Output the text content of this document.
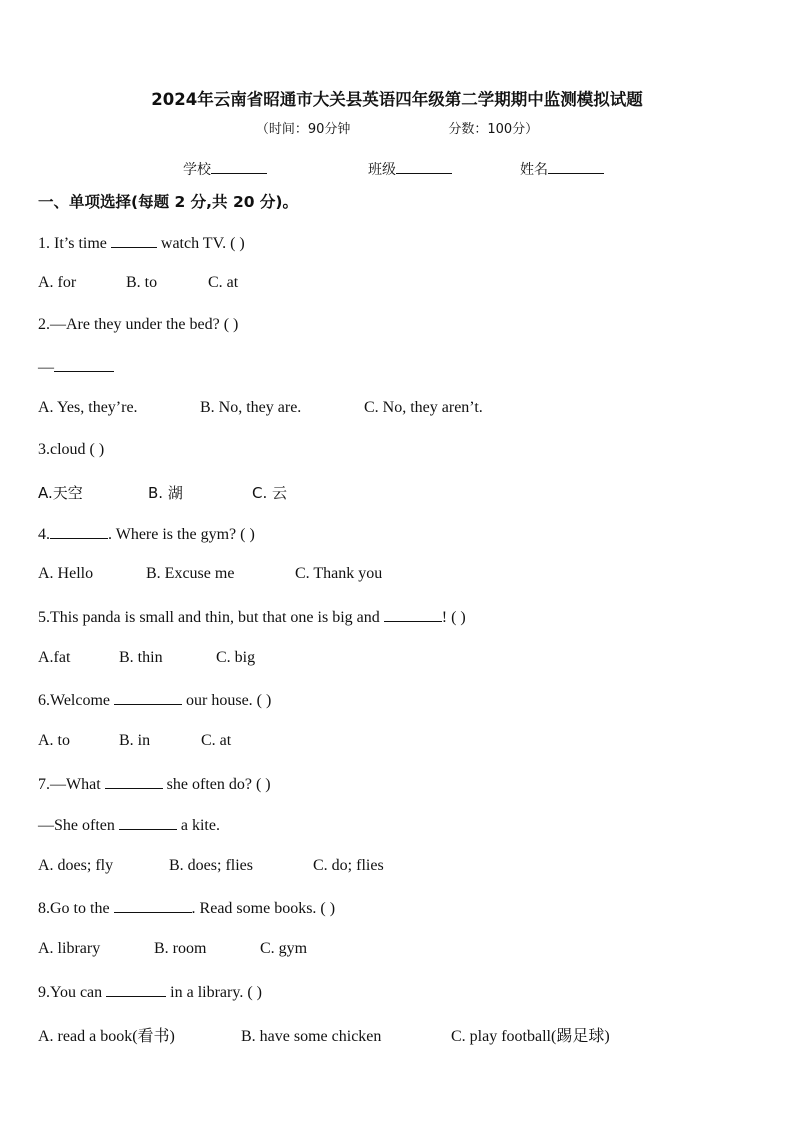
2024年云南省昭通市大关县英语四年级第二学期期中监测模拟试题
（时间：90分钟	分数：100分）
学校	班级	姓名
一、单项选择(每题 2 分,共 20 分)。
1. It’s time	watch TV. ( )
A. for	B. to	C. at
2.—Are they under the bed? ( )
—
A. Yes, they’re.	B. No, they are.	C. No, they aren’t.
3.cloud ( )
A.天空	B. 湖	C. 云
4.	. Where is the gym? ( )
A. Hello	B. Excuse me	C. Thank you
5.This panda is small and thin, but that one is big and	! ( )
A.fat	B. thin	C. big
6.Welcome	our house. ( )
A. to	B. in	C. at
7.—What	she often do? ( )
—She often	a kite.
A. does; fly	B. does; flies	C. do; flies
8.Go to the	. Read some books. ( )
A. library	B. room	C. gym
9.You can	in a library. ( )
A. read a book(看书)	B. have some chicken	C. play football(踢足球)
